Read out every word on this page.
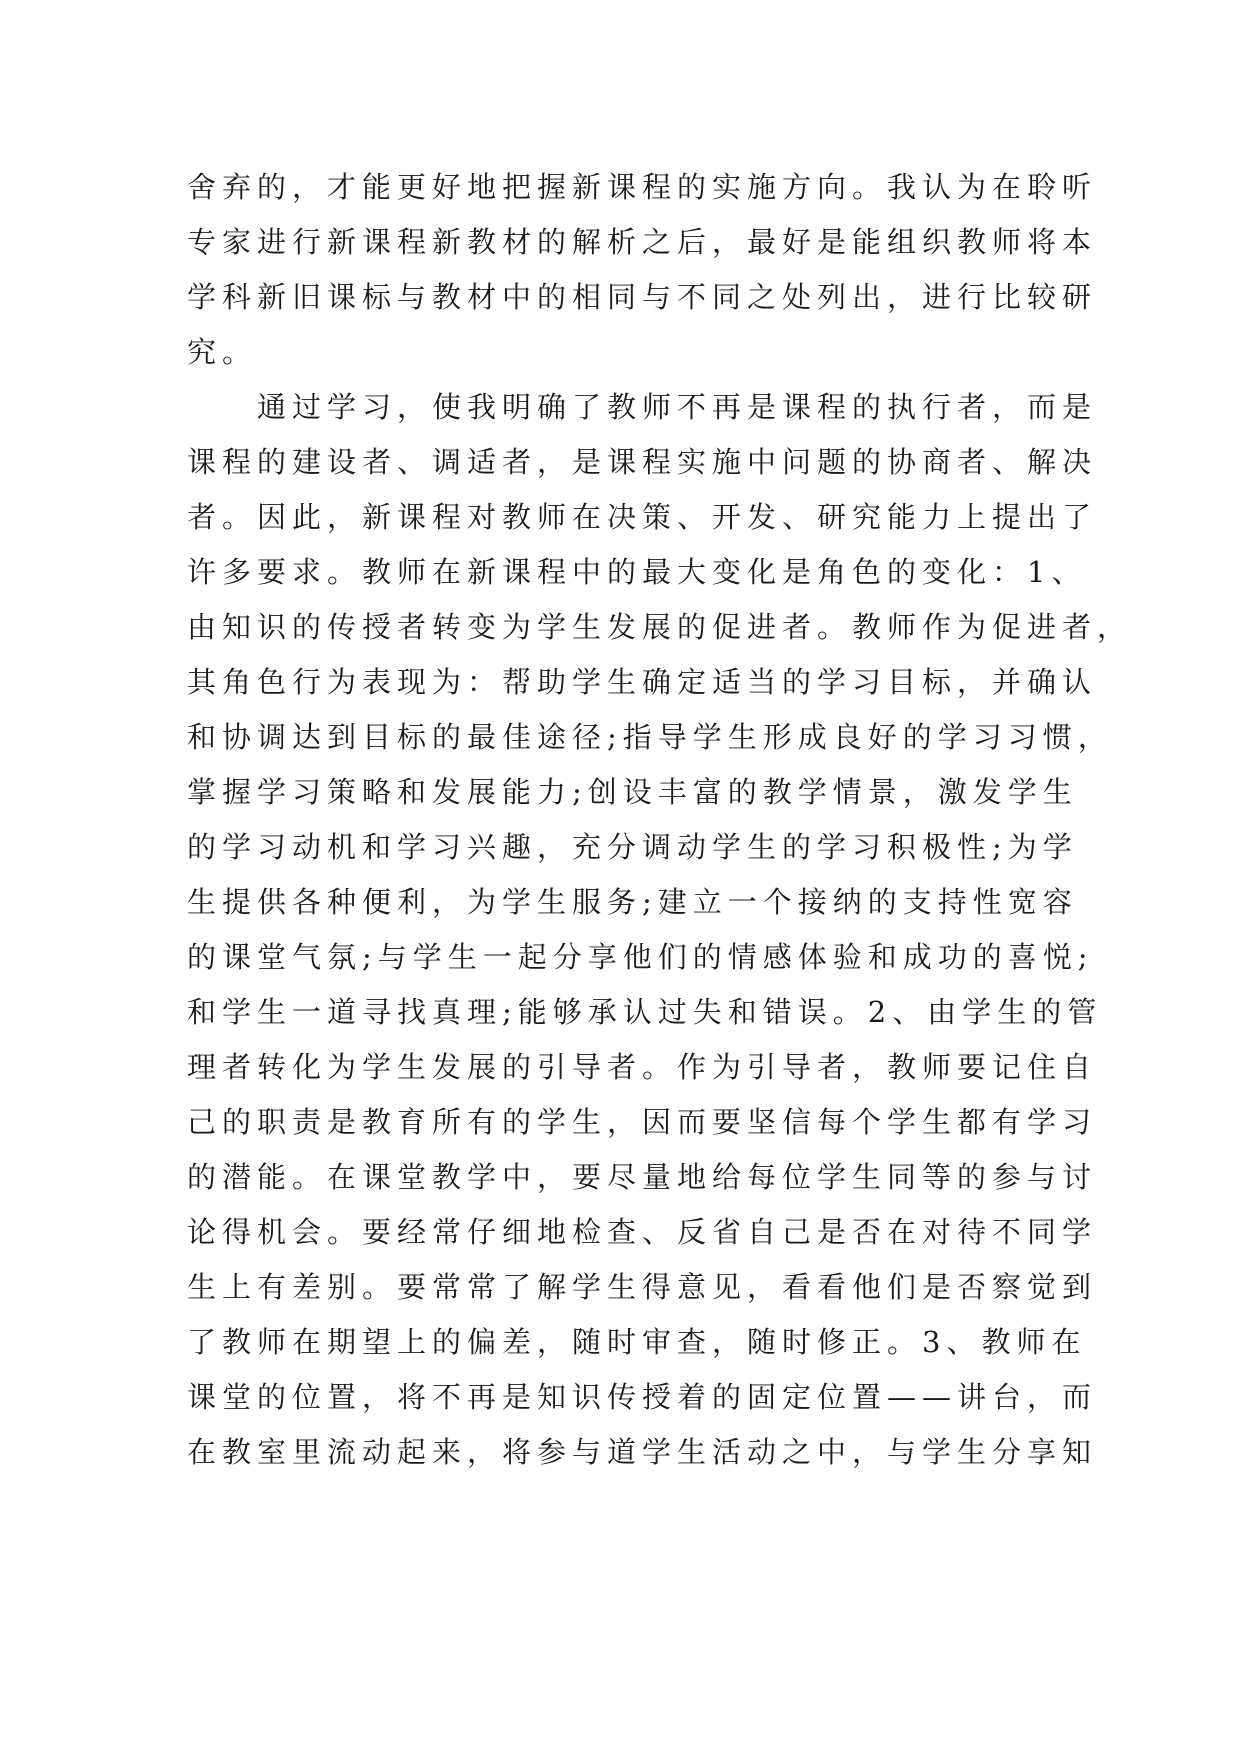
舍弃的，才能更好地把握新课程的实施方向。我认为在聆听
专家进行新课程新教材的解析之后，最好是能组织教师将本
学科新旧课标与教材中的相同与不同之处列出，进行比较研
究。
通过学习，使我明确了教师不再是课程的执行者，而是
课程的建设者、调适者，是课程实施中问题的协商者、解决
者。因此，新课程对教师在决策、开发、研究能力上提出了
许多要求。教师在新课程中的最大变化是角色的变化：1、
由知识的传授者转变为学生发展的促进者。教师作为促进者，
其角色行为表现为：帮助学生确定适当的学习目标，并确认
和协调达到目标的最佳途径;指导学生形成良好的学习习惯，
掌握学习策略和发展能力;创设丰富的教学情景，激发学生
的学习动机和学习兴趣，充分调动学生的学习积极性;为学
生提供各种便利，为学生服务;建立一个接纳的支持性宽容
的课堂气氛;与学生一起分享他们的情感体验和成功的喜悦;
和学生一道寻找真理;能够承认过失和错误。2、由学生的管
理者转化为学生发展的引导者。作为引导者，教师要记住自
己的职责是教育所有的学生，因而要坚信每个学生都有学习
的潜能。在课堂教学中，要尽量地给每位学生同等的参与讨
论得机会。要经常仔细地检查、反省自己是否在对待不同学
生上有差别。要常常了解学生得意见，看看他们是否察觉到
了教师在期望上的偏差，随时审查，随时修正。3、教师在
课堂的位置，将不再是知识传授着的固定位置——讲台，而
在教室里流动起来，将参与道学生活动之中，与学生分享知
